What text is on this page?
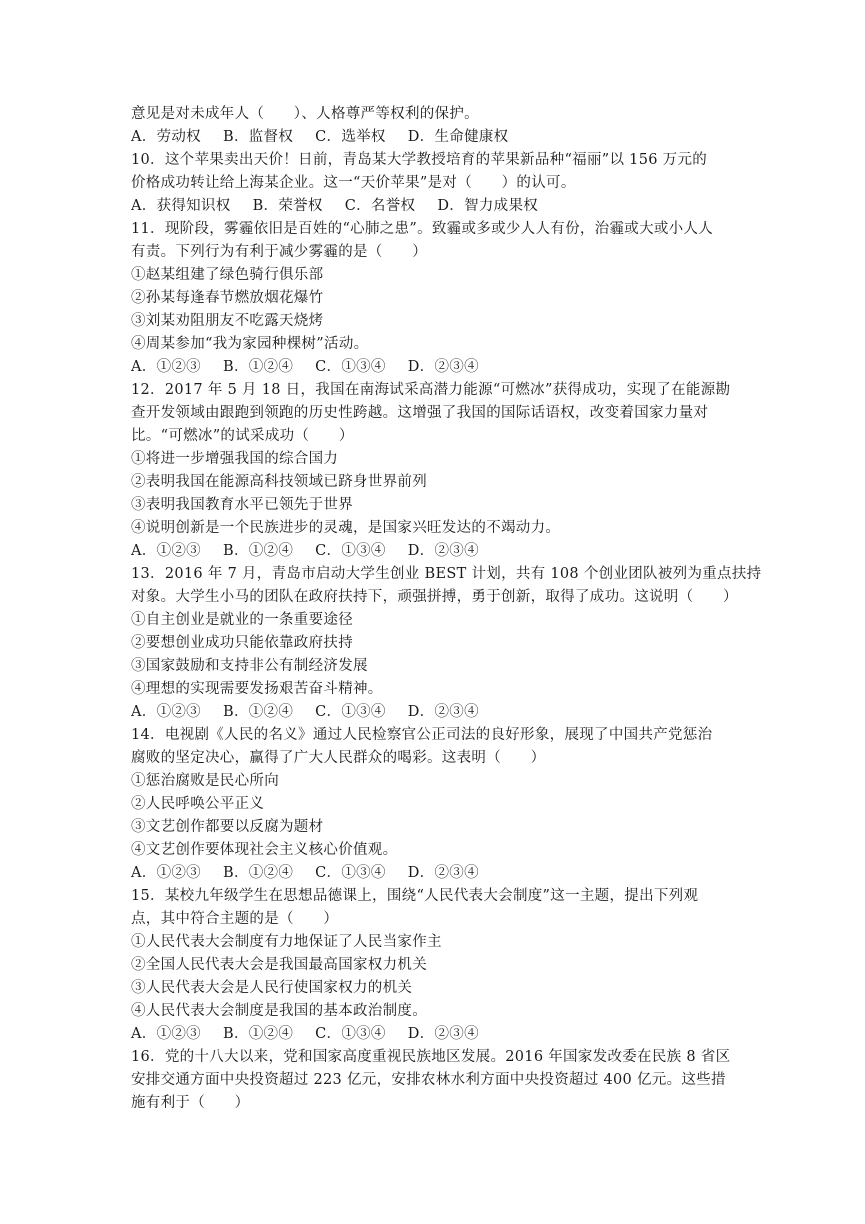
意见是对未成年人（　　）、人格尊严等权利的保护。
A．劳动权 B．监督权 C．选举权 D．生命健康权
10．这个苹果卖出天价！日前，青岛某大学教授培育的苹果新品种“福丽”以 156 万元的
价格成功转让给上海某企业。这一“天价苹果”是对（　　）的认可。
A．获得知识权 B．荣誉权 C．名誉权 D．智力成果权
11．现阶段，雾霾依旧是百姓的“心肺之患”。致霾或多或少人人有份，治霾或大或小人人
有责。下列行为有利于减少雾霾的是（　　）
①赵某组建了绿色骑行俱乐部
②孙某每逢春节燃放烟花爆竹
③刘某劝阻朋友不吃露天烧烤
④周某参加“我为家园种棵树”活动。
A．①②③ B．①②④ C．①③④ D．②③④
12．2017 年 5 月 18 日，我国在南海试采高潜力能源“可燃冰”获得成功，实现了在能源勘
查开发领域由跟跑到领跑的历史性跨越。这增强了我国的国际话语权，改变着国家力量对
比。“可燃冰”的试采成功（　　）
①将进一步增强我国的综合国力
②表明我国在能源高科技领域已跻身世界前列
③表明我国教育水平已领先于世界
④说明创新是一个民族进步的灵魂，是国家兴旺发达的不竭动力。
A．①②③ B．①②④ C．①③④ D．②③④
13．2016 年 7 月，青岛市启动大学生创业 BEST 计划，共有 108 个创业团队被列为重点扶持
对象。大学生小马的团队在政府扶持下，顽强拼搏，勇于创新，取得了成功。这说明（　　）
①自主创业是就业的一条重要途径
②要想创业成功只能依靠政府扶持
③国家鼓励和支持非公有制经济发展
④理想的实现需要发扬艰苦奋斗精神。
A．①②③ B．①②④ C．①③④ D．②③④
14．电视剧《人民的名义》通过人民检察官公正司法的良好形象，展现了中国共产党惩治
腐败的坚定决心，赢得了广大人民群众的喝彩。这表明（　　）
①惩治腐败是民心所向
②人民呼唤公平正义
③文艺创作都要以反腐为题材
④文艺创作要体现社会主义核心价值观。
A．①②③ B．①②④ C．①③④ D．②③④
15．某校九年级学生在思想品德课上，围绕“人民代表大会制度”这一主题，提出下列观
点，其中符合主题的是（　　）
①人民代表大会制度有力地保证了人民当家作主
②全国人民代表大会是我国最高国家权力机关
③人民代表大会是人民行使国家权力的机关
④人民代表大会制度是我国的基本政治制度。
A．①②③ B．①②④ C．①③④ D．②③④
16．党的十八大以来，党和国家高度重视民族地区发展。2016 年国家发改委在民族 8 省区
安排交通方面中央投资超过 223 亿元，安排农林水利方面中央投资超过 400 亿元。这些措
施有利于（　　）
